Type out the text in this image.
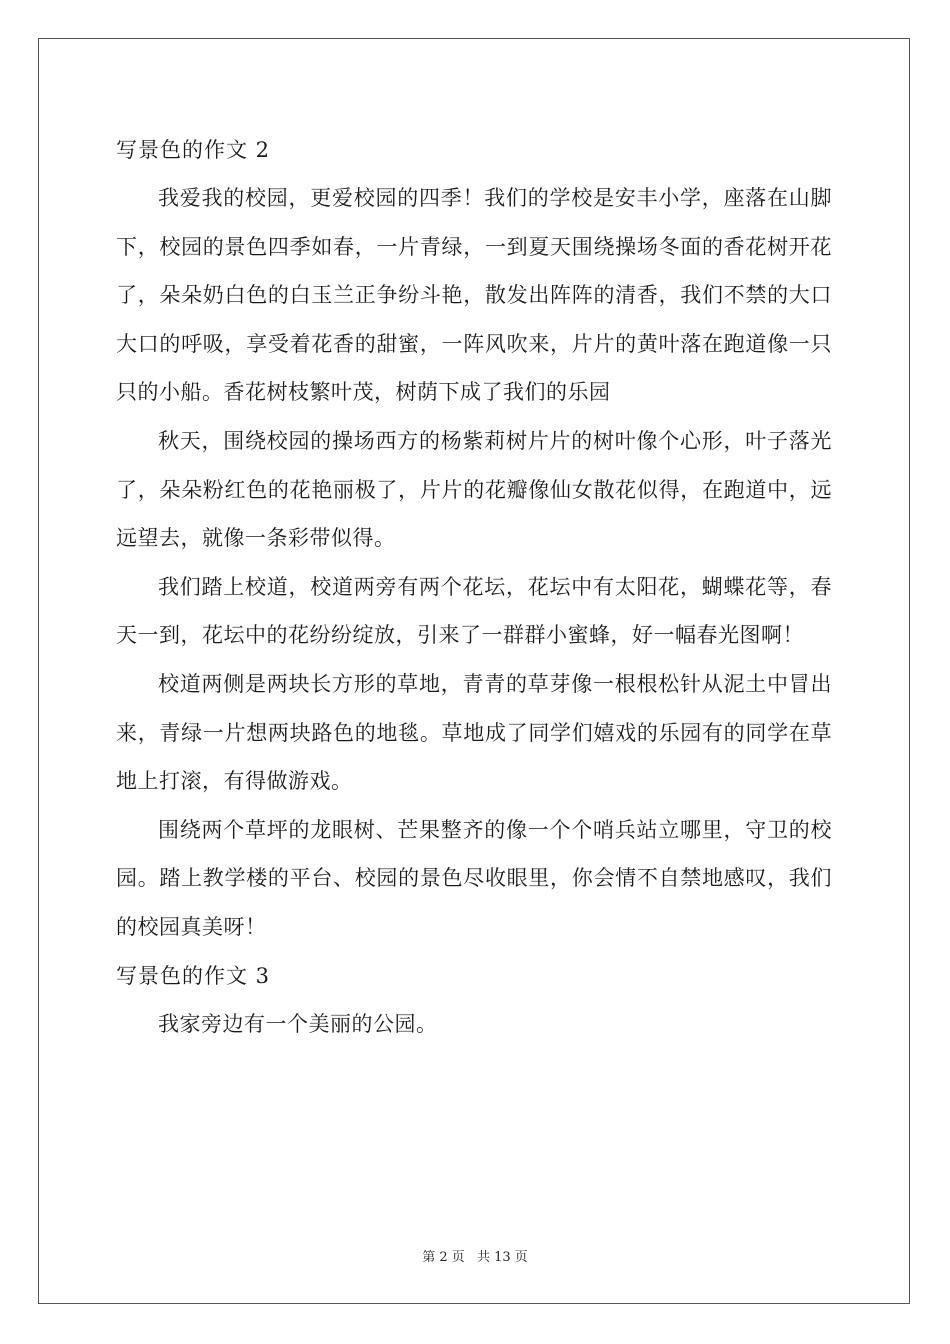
写景色的作文 2

我爱我的校园，更爱校园的四季！我们的学校是安丰小学，座落在山脚下，校园的景色四季如春，一片青绿，一到夏天围绕操场冬面的香花树开花了，朵朵奶白色的白玉兰正争纷斗艳，散发出阵阵的清香，我们不禁的大口大口的呼吸，享受着花香的甜蜜，一阵风吹来，片片的黄叶落在跑道像一只只的小船。香花树枝繁叶茂，树荫下成了我们的乐园

秋天，围绕校园的操场西方的杨紫莉树片片的树叶像个心形，叶子落光了，朵朵粉红色的花艳丽极了，片片的花瓣像仙女散花似得，在跑道中，远远望去，就像一条彩带似得。

我们踏上校道，校道两旁有两个花坛，花坛中有太阳花，蝴蝶花等，春天一到，花坛中的花纷纷绽放，引来了一群群小蜜蜂，好一幅春光图啊！

校道两侧是两块长方形的草地，青青的草芽像一根根松针从泥土中冒出来，青绿一片想两块路色的地毯。草地成了同学们嬉戏的乐园有的同学在草地上打滚，有得做游戏。

围绕两个草坪的龙眼树、芒果整齐的像一个个哨兵站立哪里，守卫的校园。踏上教学楼的平台、校园的景色尽收眼里，你会情不自禁地感叹，我们的校园真美呀！

写景色的作文 3

我家旁边有一个美丽的公园。

第 2 页 共 13 页
